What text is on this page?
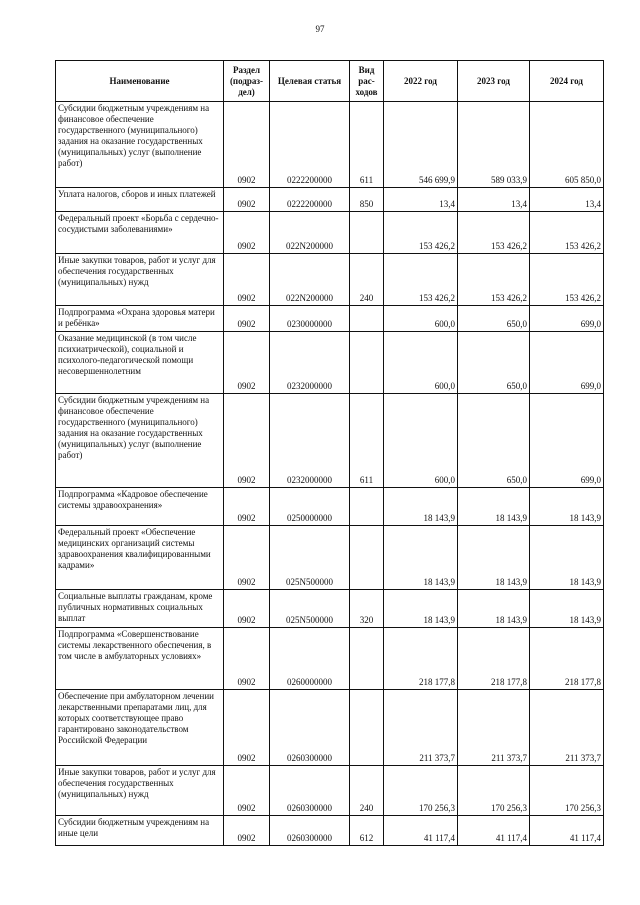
97
Наименование	Раздел (подраз-дел)	Целевая статья	Вид рас-ходов	2022 год	2023 год	2024 год
Субсидии бюджетным учреждениям на финансовое обеспечение государственного (муниципального) задания на оказание государственных (муниципальных) услуг (выполнение работ)	0902	0222200000	611	546 699,9	589 033,9	605 850,0
Уплата налогов, сборов и иных платежей	0902	0222200000	850	13,4	13,4	13,4
Федеральный проект «Борьба с сердечно-сосудистыми заболеваниями»	0902	022N200000		153 426,2	153 426,2	153 426,2
Иные закупки товаров, работ и услуг для обеспечения государственных (муниципальных) нужд	0902	022N200000	240	153 426,2	153 426,2	153 426,2
Подпрограмма «Охрана здоровья матери и ребёнка»	0902	0230000000		600,0	650,0	699,0
Оказание медицинской (в том числе психиатрической), социальной и психолого-педагогической помощи несовершеннолетним	0902	0232000000		600,0	650,0	699,0
Субсидии бюджетным учреждениям на финансовое обеспечение государственного (муниципального) задания на оказание государственных (муниципальных) услуг (выполнение работ)	0902	0232000000	611	600,0	650,0	699,0
Подпрограмма «Кадровое обеспечение системы здравоохранения»	0902	0250000000		18 143,9	18 143,9	18 143,9
Федеральный проект «Обеспечение медицинских организаций системы здравоохранения квалифицированными кадрами»	0902	025N500000		18 143,9	18 143,9	18 143,9
Социальные выплаты гражданам, кроме публичных нормативных социальных выплат	0902	025N500000	320	18 143,9	18 143,9	18 143,9
Подпрограмма «Совершенствование системы лекарственного обеспечения, в том числе в амбулаторных условиях»	0902	0260000000		218 177,8	218 177,8	218 177,8
Обеспечение при амбулаторном лечении лекарственными препаратами лиц, для которых соответствующее право гарантировано законодательством Российской Федерации	0902	0260300000		211 373,7	211 373,7	211 373,7
Иные закупки товаров, работ и услуг для обеспечения государственных (муниципальных) нужд	0902	0260300000	240	170 256,3	170 256,3	170 256,3
Субсидии бюджетным учреждениям на иные цели	0902	0260300000	612	41 117,4	41 117,4	41 117,4
